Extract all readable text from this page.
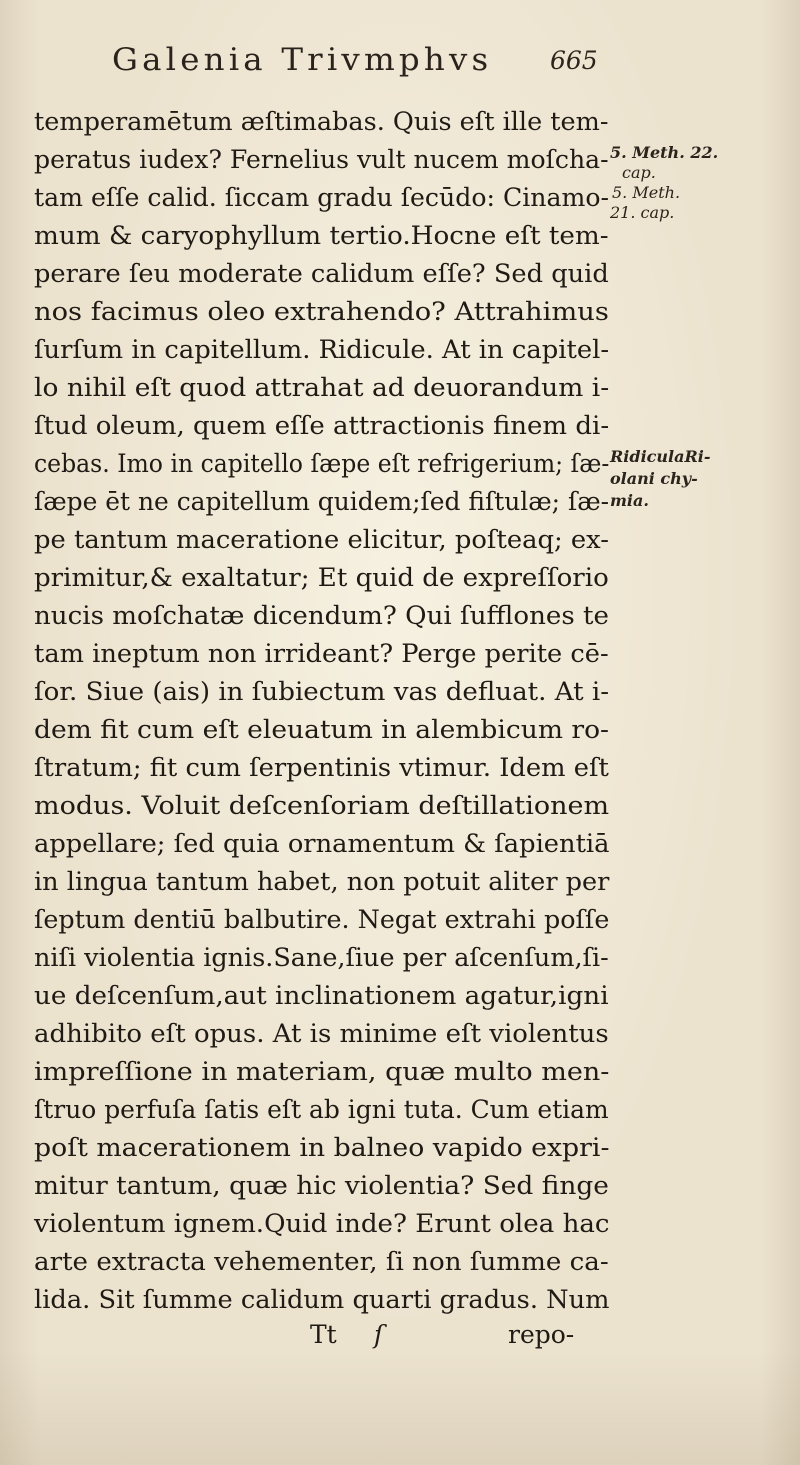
Galenia Trivmphvs 665
temperamētum æſtimabas. Quis eſt ille tem-
peratus iudex? Fernelius vult nucem moſcha-
tam eſſe calid. ſiccam gradu ſecūdo: Cinamo-
mum & caryophyllum tertio.Hocne eſt tem-
perare ſeu moderate calidum eſſe? Sed quid
nos facimus oleo extrahendo? Attrahimus
ſurſum in capitellum. Ridicule. At in capitel-
lo nihil eſt quod attrahat ad deuorandum i-
ſtud oleum, quem eſſe attractionis finem di-
cebas. Imo in capitello ſæpe eſt refrigerium; ſæ-
ſæpe ēt ne capitellum quidem;ſed fiſtulæ; ſæ-
pe tantum maceratione elicitur, poſteaq; ex-
primitur,& exaltatur; Et quid de expreſſorio
nucis moſchatæ dicendum? Qui ſufflones te
tam ineptum non irrideant? Perge perite cē-
ſor. Siue (ais) in ſubiectum vas defluat. At i-
dem fit cum eſt eleuatum in alembicum ro-
ſtratum; fit cum ſerpentinis vtimur. Idem eſt
modus. Voluit deſcenſoriam deſtillationem
appellare; ſed quia ornamentum & ſapientiā
in lingua tantum habet, non potuit aliter per
ſeptum dentiū balbutire. Negat extrahi poſſe
niſi violentia ignis.Sane,ſiue per aſcenſum,ſi-
ue deſcenſum,aut inclinationem agatur,igni
adhibito eſt opus. At is minime eſt violentus
impreſſione in materiam, quæ multo men-
ſtruo perfuſa ſatis eſt ab igni tuta. Cum etiam
poſt macerationem in balneo vapido expri-
mitur tantum, quæ hic violentia? Sed finge
violentum ignem.Quid inde? Erunt olea hac
arte extracta vehementer, ſi non ſumme ca-
lida. Sit ſumme calidum quarti gradus. Num
Tt ſ	repo-
5. Meth. 22.
cap.
5. Meth.
21. cap.
RidiculaRi-
olani chy-
mia.
